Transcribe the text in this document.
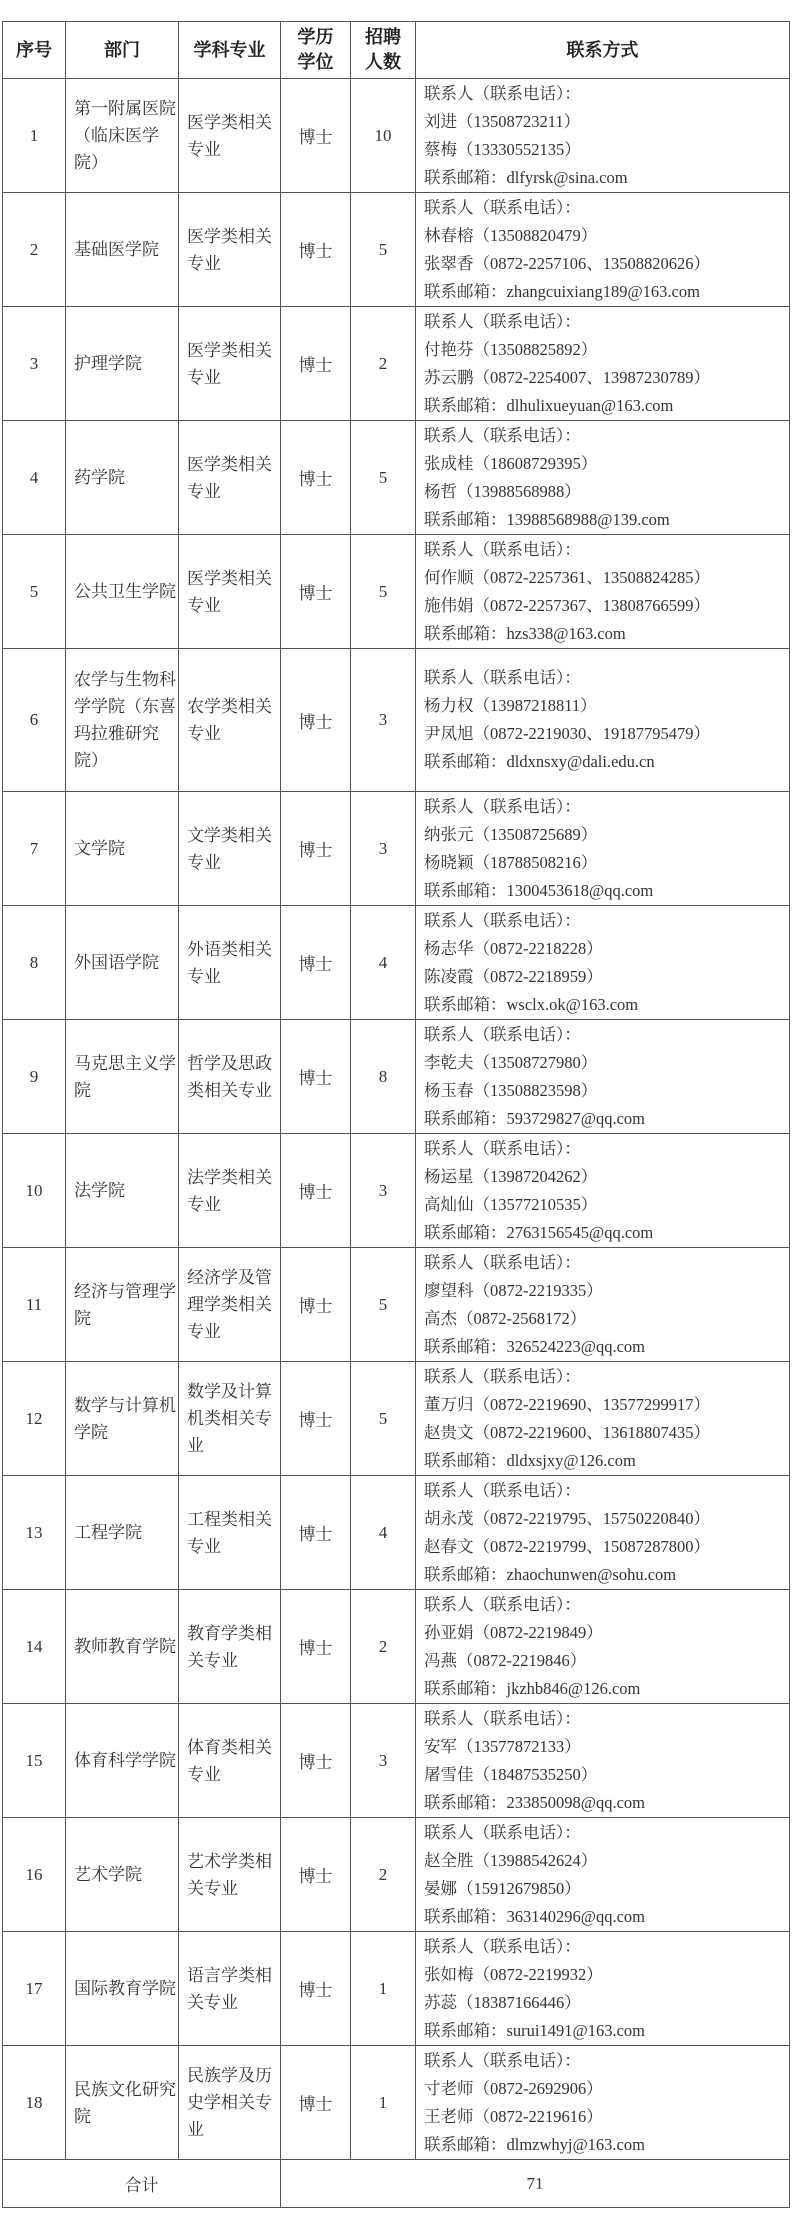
序号	部门	学科专业	学历学位	招聘人数	联系方式
1	第一附属医院（临床医学院）	医学类相关专业	博士	10	联系人（联系电话）：
刘进（13508723211）
蔡梅（13330552135）
联系邮箱：dlfyrsk@sina.com

2	基础医学院	医学类相关专业	博士	5	联系人（联系电话）：
林春榕（13508820479）
张翠香（0872-2257106、13508820626）
联系邮箱：zhangcuixiang189@163.com

3	护理学院	医学类相关专业	博士	2	联系人（联系电话）：
付艳芬（13508825892）
苏云鹏（0872-2254007、13987230789）
联系邮箱：dlhulixueyuan@163.com

4	药学院	医学类相关专业	博士	5	联系人（联系电话）：
张成桂（18608729395）
杨哲（13988568988）
联系邮箱：13988568988@139.com

5	公共卫生学院	医学类相关专业	博士	5	联系人（联系电话）：
何作顺（0872-2257361、13508824285）
施伟娟（0872-2257367、13808766599）
联系邮箱：hzs338@163.com

6	农学与生物科学学院（东喜玛拉雅研究院）	农学类相关专业	博士	3	联系人（联系电话）：
杨力权（13987218811）
尹凤旭（0872-2219030、19187795479）
联系邮箱：dldxnsxy@dali.edu.cn

7	文学院	文学类相关专业	博士	3	联系人（联系电话）：
纳张元（13508725689）
杨晓颖（18788508216）
联系邮箱：1300453618@qq.com

8	外国语学院	外语类相关专业	博士	4	联系人（联系电话）：
杨志华（0872-2218228）
陈凌霞（0872-2218959）
联系邮箱：wsclx.ok@163.com

9	马克思主义学院	哲学及思政类相关专业	博士	8	联系人（联系电话）：
李乾夫（13508727980）
杨玉春（13508823598）
联系邮箱：593729827@qq.com

10	法学院	法学类相关专业	博士	3	联系人（联系电话）：
杨运星（13987204262）
高灿仙（13577210535）
联系邮箱：2763156545@qq.com

11	经济与管理学院	经济学及管理学类相关专业	博士	5	联系人（联系电话）：
廖望科（0872-2219335）
高杰（0872-2568172）
联系邮箱：326524223@qq.com

12	数学与计算机学院	数学及计算机类相关专业	博士	5	联系人（联系电话）：
董万归（0872-2219690、13577299917）
赵贵文（0872-2219600、13618807435）
联系邮箱：dldxsjxy@126.com

13	工程学院	工程类相关专业	博士	4	联系人（联系电话）：
胡永茂（0872-2219795、15750220840）
赵春文（0872-2219799、15087287800）
联系邮箱：zhaochunwen@sohu.com

14	教师教育学院	教育学类相关专业	博士	2	联系人（联系电话）：
孙亚娟（0872-2219849）
冯燕（0872-2219846）
联系邮箱：jkzhb846@126.com

15	体育科学学院	体育类相关专业	博士	3	联系人（联系电话）：
安军（13577872133）
屠雪佳（18487535250）
联系邮箱：233850098@qq.com

16	艺术学院	艺术学类相关专业	博士	2	联系人（联系电话）：
赵全胜（13988542624）
晏娜（15912679850）
联系邮箱：363140296@qq.com

17	国际教育学院	语言学类相关专业	博士	1	联系人（联系电话）：
张如梅（0872-2219932）
苏蕊（18387166446）
联系邮箱：surui1491@163.com

18	民族文化研究院	民族学及历史学相关专业	博士	1	联系人（联系电话）：
寸老师（0872-2692906）
王老师（0872-2219616）
联系邮箱：dlmzwhyj@163.com

合计			71		
